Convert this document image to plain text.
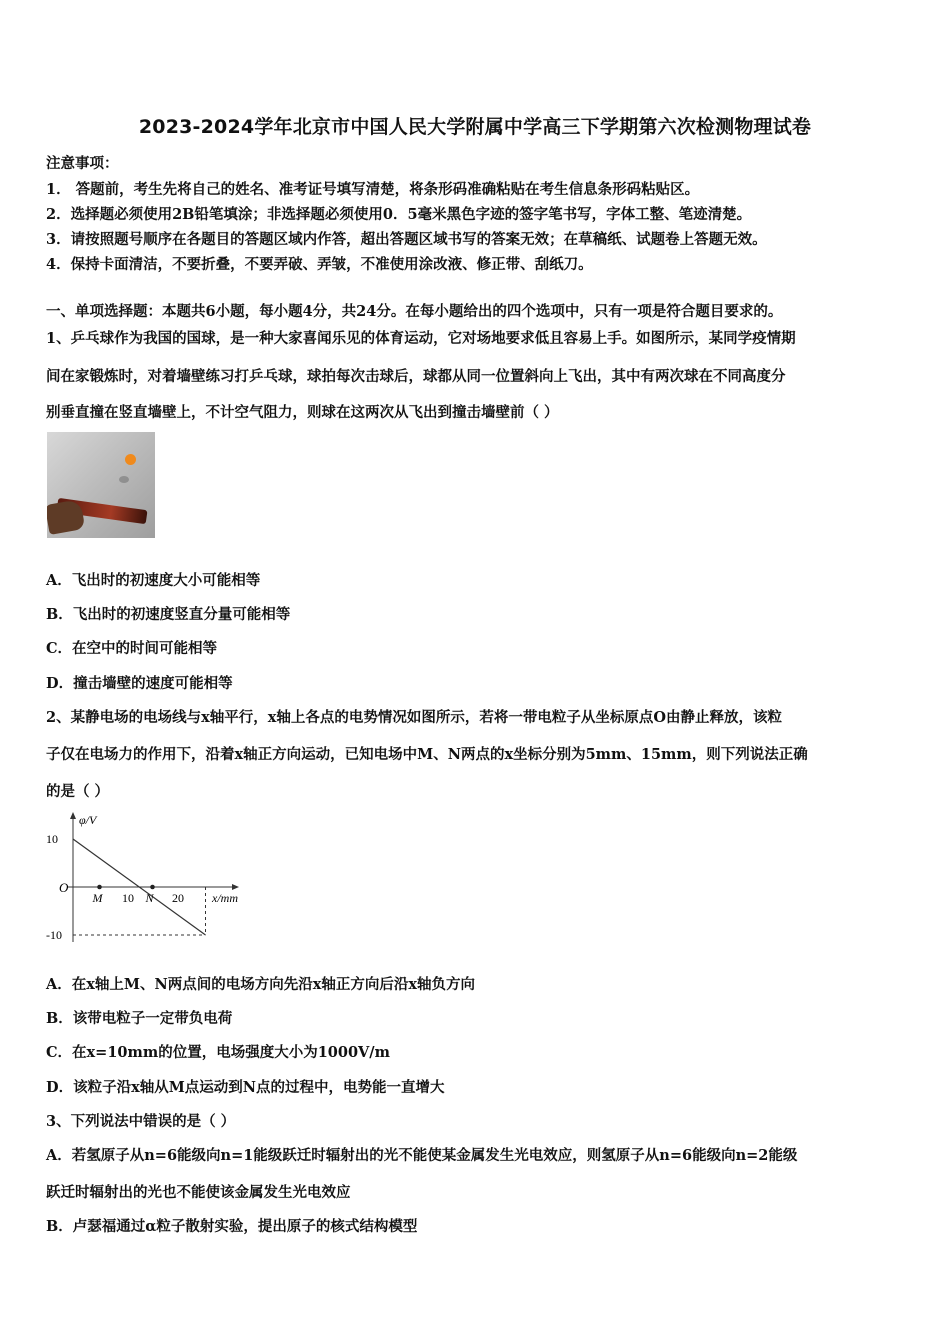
2023-2024学年北京市中国人民大学附属中学高三下学期第六次检测物理试卷
注意事项：
1． 答题前，考生先将自己的姓名、准考证号填写清楚，将条形码准确粘贴在考生信息条形码粘贴区。
2．选择题必须使用2B铅笔填涂；非选择题必须使用0．5毫米黑色字迹的签字笔书写，字体工整、笔迹清楚。
3．请按照题号顺序在各题目的答题区域内作答，超出答题区域书写的答案无效；在草稿纸、试题卷上答题无效。
4．保持卡面清洁，不要折叠，不要弄破、弄皱，不准使用涂改液、修正带、刮纸刀。
一、单项选择题：本题共6小题，每小题4分，共24分。在每小题给出的四个选项中，只有一项是符合题目要求的。
1、乒乓球作为我国的国球，是一种大家喜闻乐见的体育运动，它对场地要求低且容易上手。如图所示，某同学疫情期
间在家锻炼时，对着墙壁练习打乒乓球，球拍每次击球后，球都从同一位置斜向上飞出，其中有两次球在不同高度分
别垂直撞在竖直墙壁上，不计空气阻力，则球在这两次从飞出到撞击墙壁前（ ）
A．飞出时的初速度大小可能相等
B．飞出时的初速度竖直分量可能相等
C．在空中的时间可能相等
D．撞击墙壁的速度可能相等
2、某静电场的电场线与x轴平行，x轴上各点的电势情况如图所示，若将一带电粒子从坐标原点O由静止释放，该粒
子仅在电场力的作用下，沿着x轴正方向运动，已知电场中M、N两点的x坐标分别为5mm、15mm，则下列说法正确
的是（ ）
φ/V
x/mm
O
10
-10
10	20
M	N
A．在x轴上M、N两点间的电场方向先沿x轴正方向后沿x轴负方向
B．该带电粒子一定带负电荷
C．在x=10mm的位置，电场强度大小为1000V/m
D．该粒子沿x轴从M点运动到N点的过程中，电势能一直增大
3、下列说法中错误的是（ ）
A．若氢原子从n=6能级向n=1能级跃迁时辐射出的光不能使某金属发生光电效应，则氢原子从n=6能级向n=2能级
跃迁时辐射出的光也不能使该金属发生光电效应
B．卢瑟福通过α粒子散射实验，提出原子的核式结构模型
